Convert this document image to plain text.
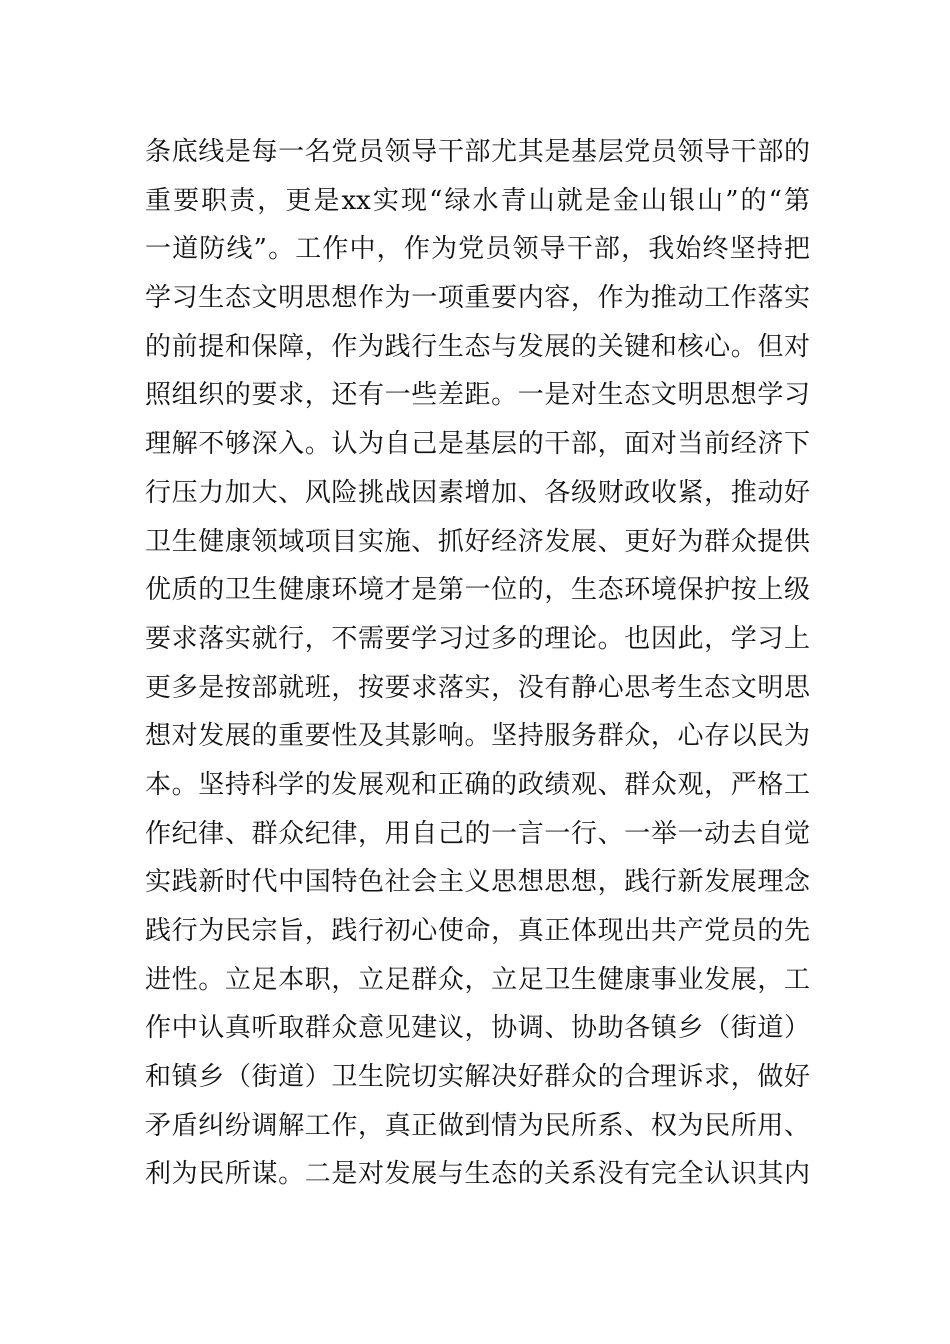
条底线是每一名党员领导干部尤其是基层党员领导干部的
重要职责，更是xx实现“绿水青山就是金山银山”的“第
一道防线”。工作中，作为党员领导干部，我始终坚持把
学习生态文明思想作为一项重要内容，作为推动工作落实
的前提和保障，作为践行生态与发展的关键和核心。但对
照组织的要求，还有一些差距。一是对生态文明思想学习
理解不够深入。认为自己是基层的干部，面对当前经济下
行压力加大、风险挑战因素增加、各级财政收紧，推动好
卫生健康领域项目实施、抓好经济发展、更好为群众提供
优质的卫生健康环境才是第一位的，生态环境保护按上级
要求落实就行，不需要学习过多的理论。也因此，学习上
更多是按部就班，按要求落实，没有静心思考生态文明思
想对发展的重要性及其影响。坚持服务群众，心存以民为
本。坚持科学的发展观和正确的政绩观、群众观，严格工
作纪律、群众纪律，用自己的一言一行、一举一动去自觉
实践新时代中国特色社会主义思想思想，践行新发展理念
践行为民宗旨，践行初心使命，真正体现出共产党员的先
进性。立足本职，立足群众，立足卫生健康事业发展，工
作中认真听取群众意见建议，协调、协助各镇乡（街道）
和镇乡（街道）卫生院切实解决好群众的合理诉求，做好
矛盾纠纷调解工作，真正做到情为民所系、权为民所用、
利为民所谋。二是对发展与生态的关系没有完全认识其内
